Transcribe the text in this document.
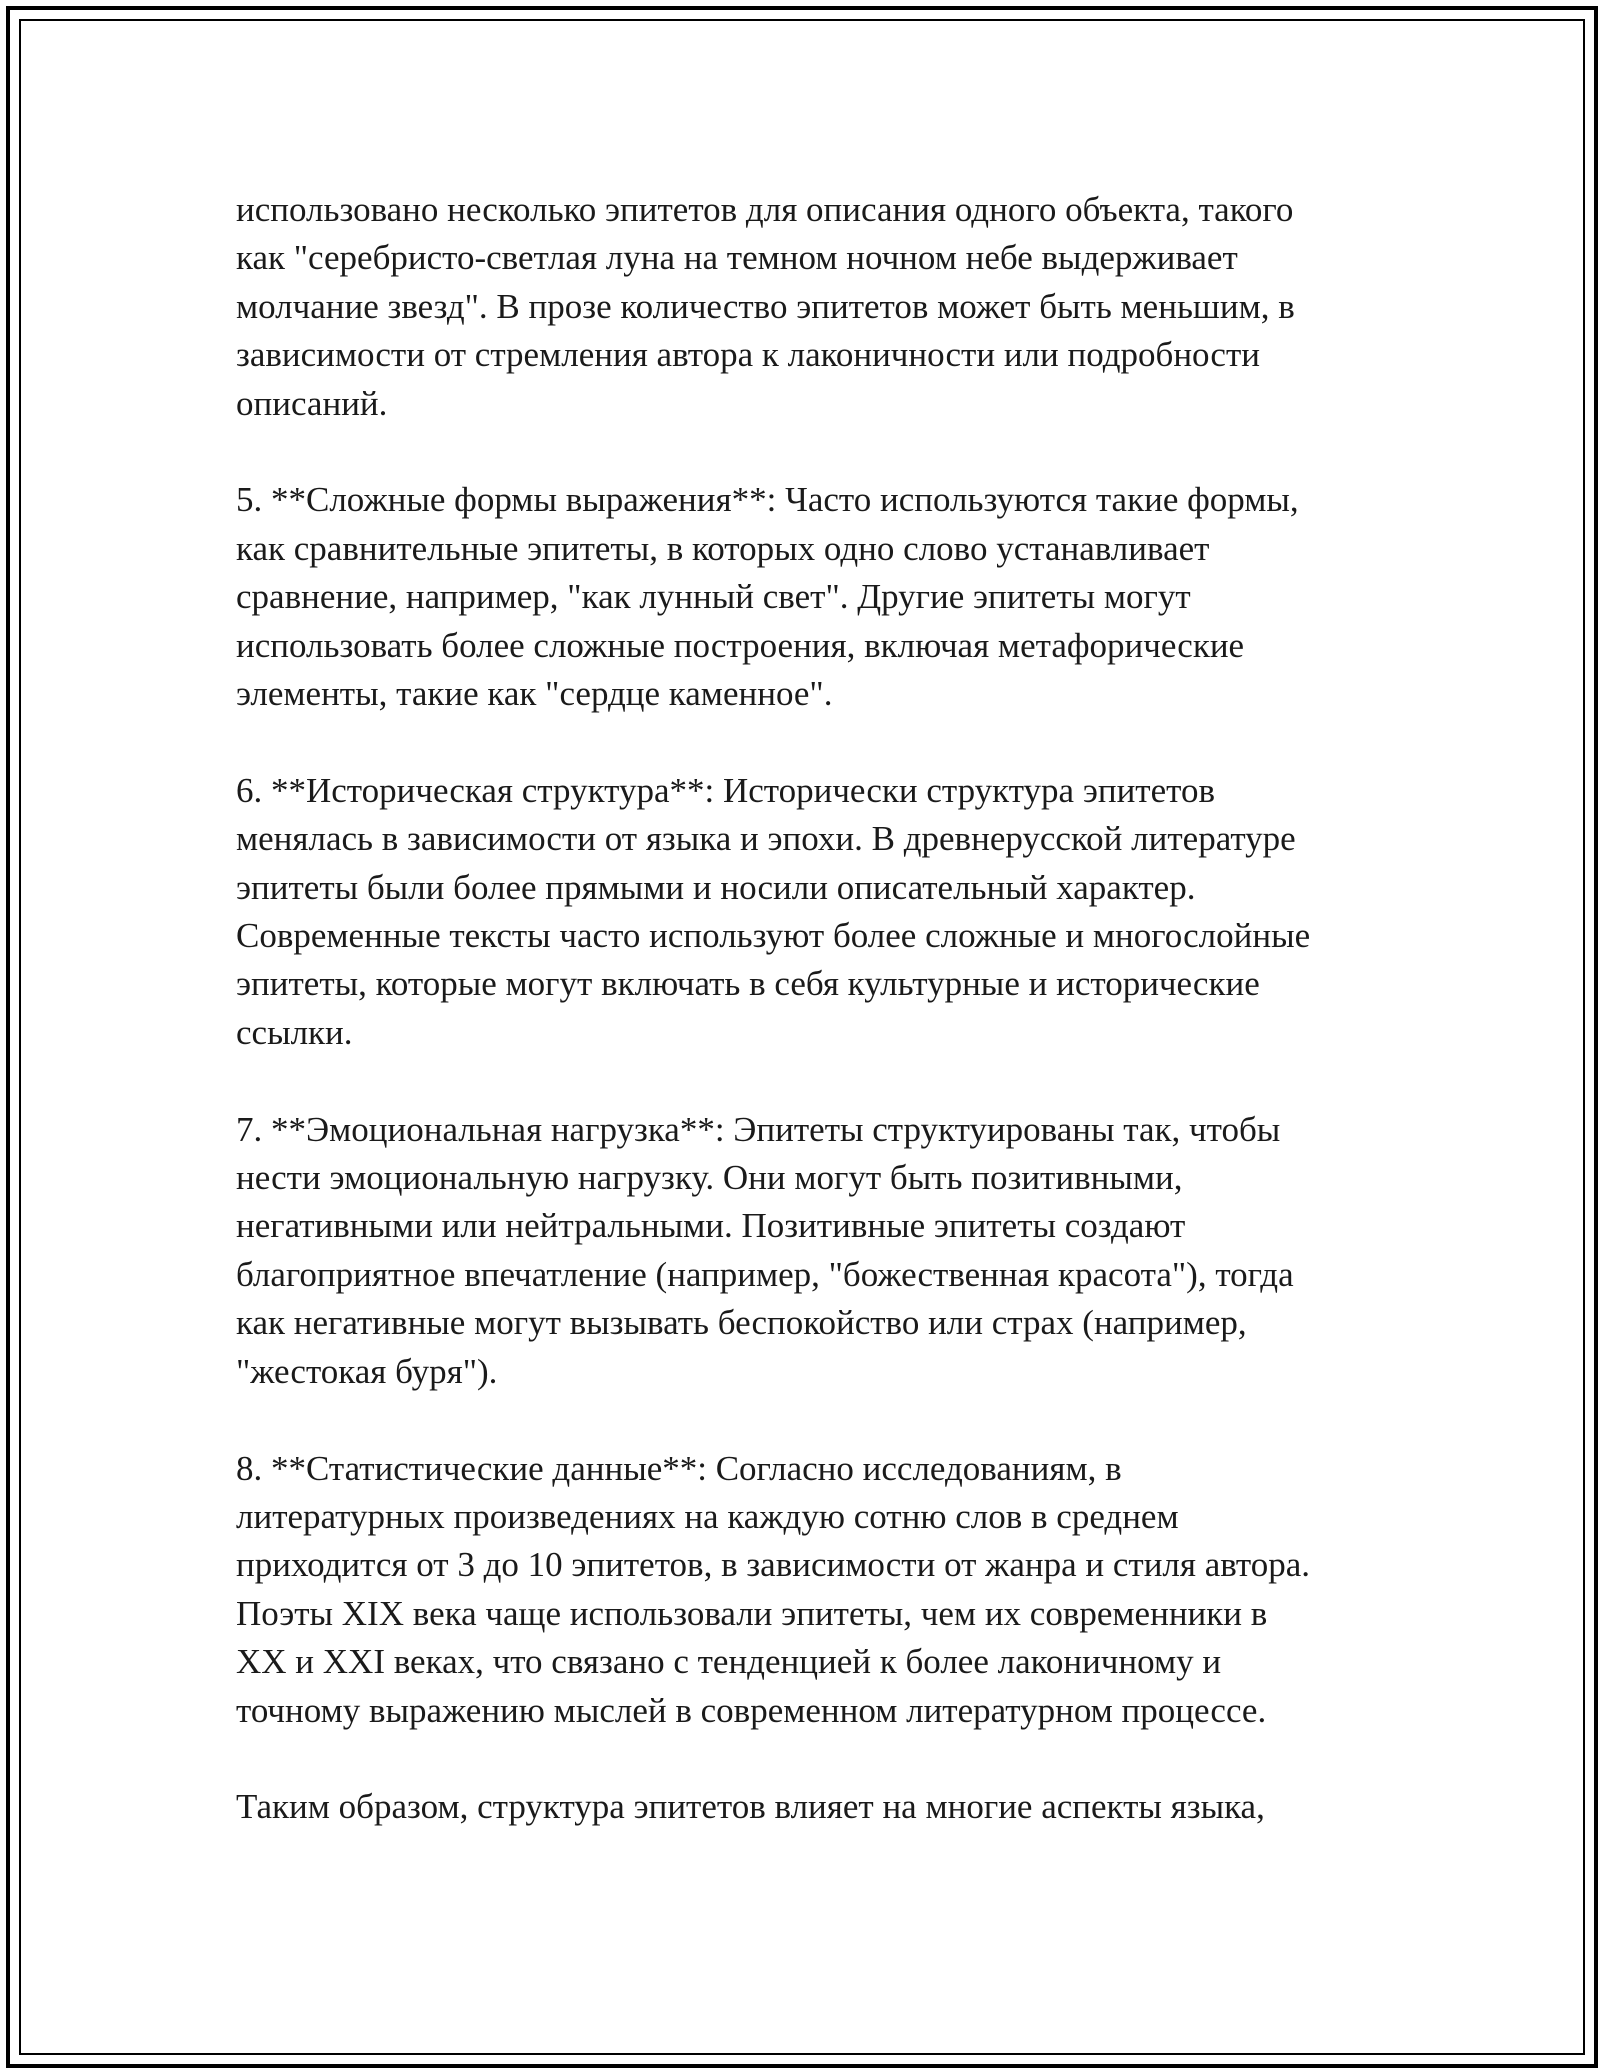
использовано несколько эпитетов для описания одного объекта, такого
как "серебристо-светлая луна на темном ночном небе выдерживает
молчание звезд". В прозе количество эпитетов может быть меньшим, в
зависимости от стремления автора к лаконичности или подробности
описаний.

5. **Сложные формы выражения**: Часто используются такие формы,
как сравнительные эпитеты, в которых одно слово устанавливает
сравнение, например, "как лунный свет". Другие эпитеты могут
использовать более сложные построения, включая метафорические
элементы, такие как "сердце каменное".

6. **Историческая структура**: Исторически структура эпитетов
менялась в зависимости от языка и эпохи. В древнерусской литературе
эпитеты были более прямыми и носили описательный характер.
Современные тексты часто используют более сложные и многослойные
эпитеты, которые могут включать в себя культурные и исторические
ссылки.

7. **Эмоциональная нагрузка**: Эпитеты структуированы так, чтобы
нести эмоциональную нагрузку. Они могут быть позитивными,
негативными или нейтральными. Позитивные эпитеты создают
благоприятное впечатление (например, "божественная красота"), тогда
как негативные могут вызывать беспокойство или страх (например,
"жестокая буря").

8. **Статистические данные**: Согласно исследованиям, в
литературных произведениях на каждую сотню слов в среднем
приходится от 3 до 10 эпитетов, в зависимости от жанра и стиля автора.
Поэты XIX века чаще использовали эпитеты, чем их современники в
XX и XXI веках, что связано с тенденцией к более лаконичному и
точному выражению мыслей в современном литературном процессе.

Таким образом, структура эпитетов влияет на многие аспекты языка,
